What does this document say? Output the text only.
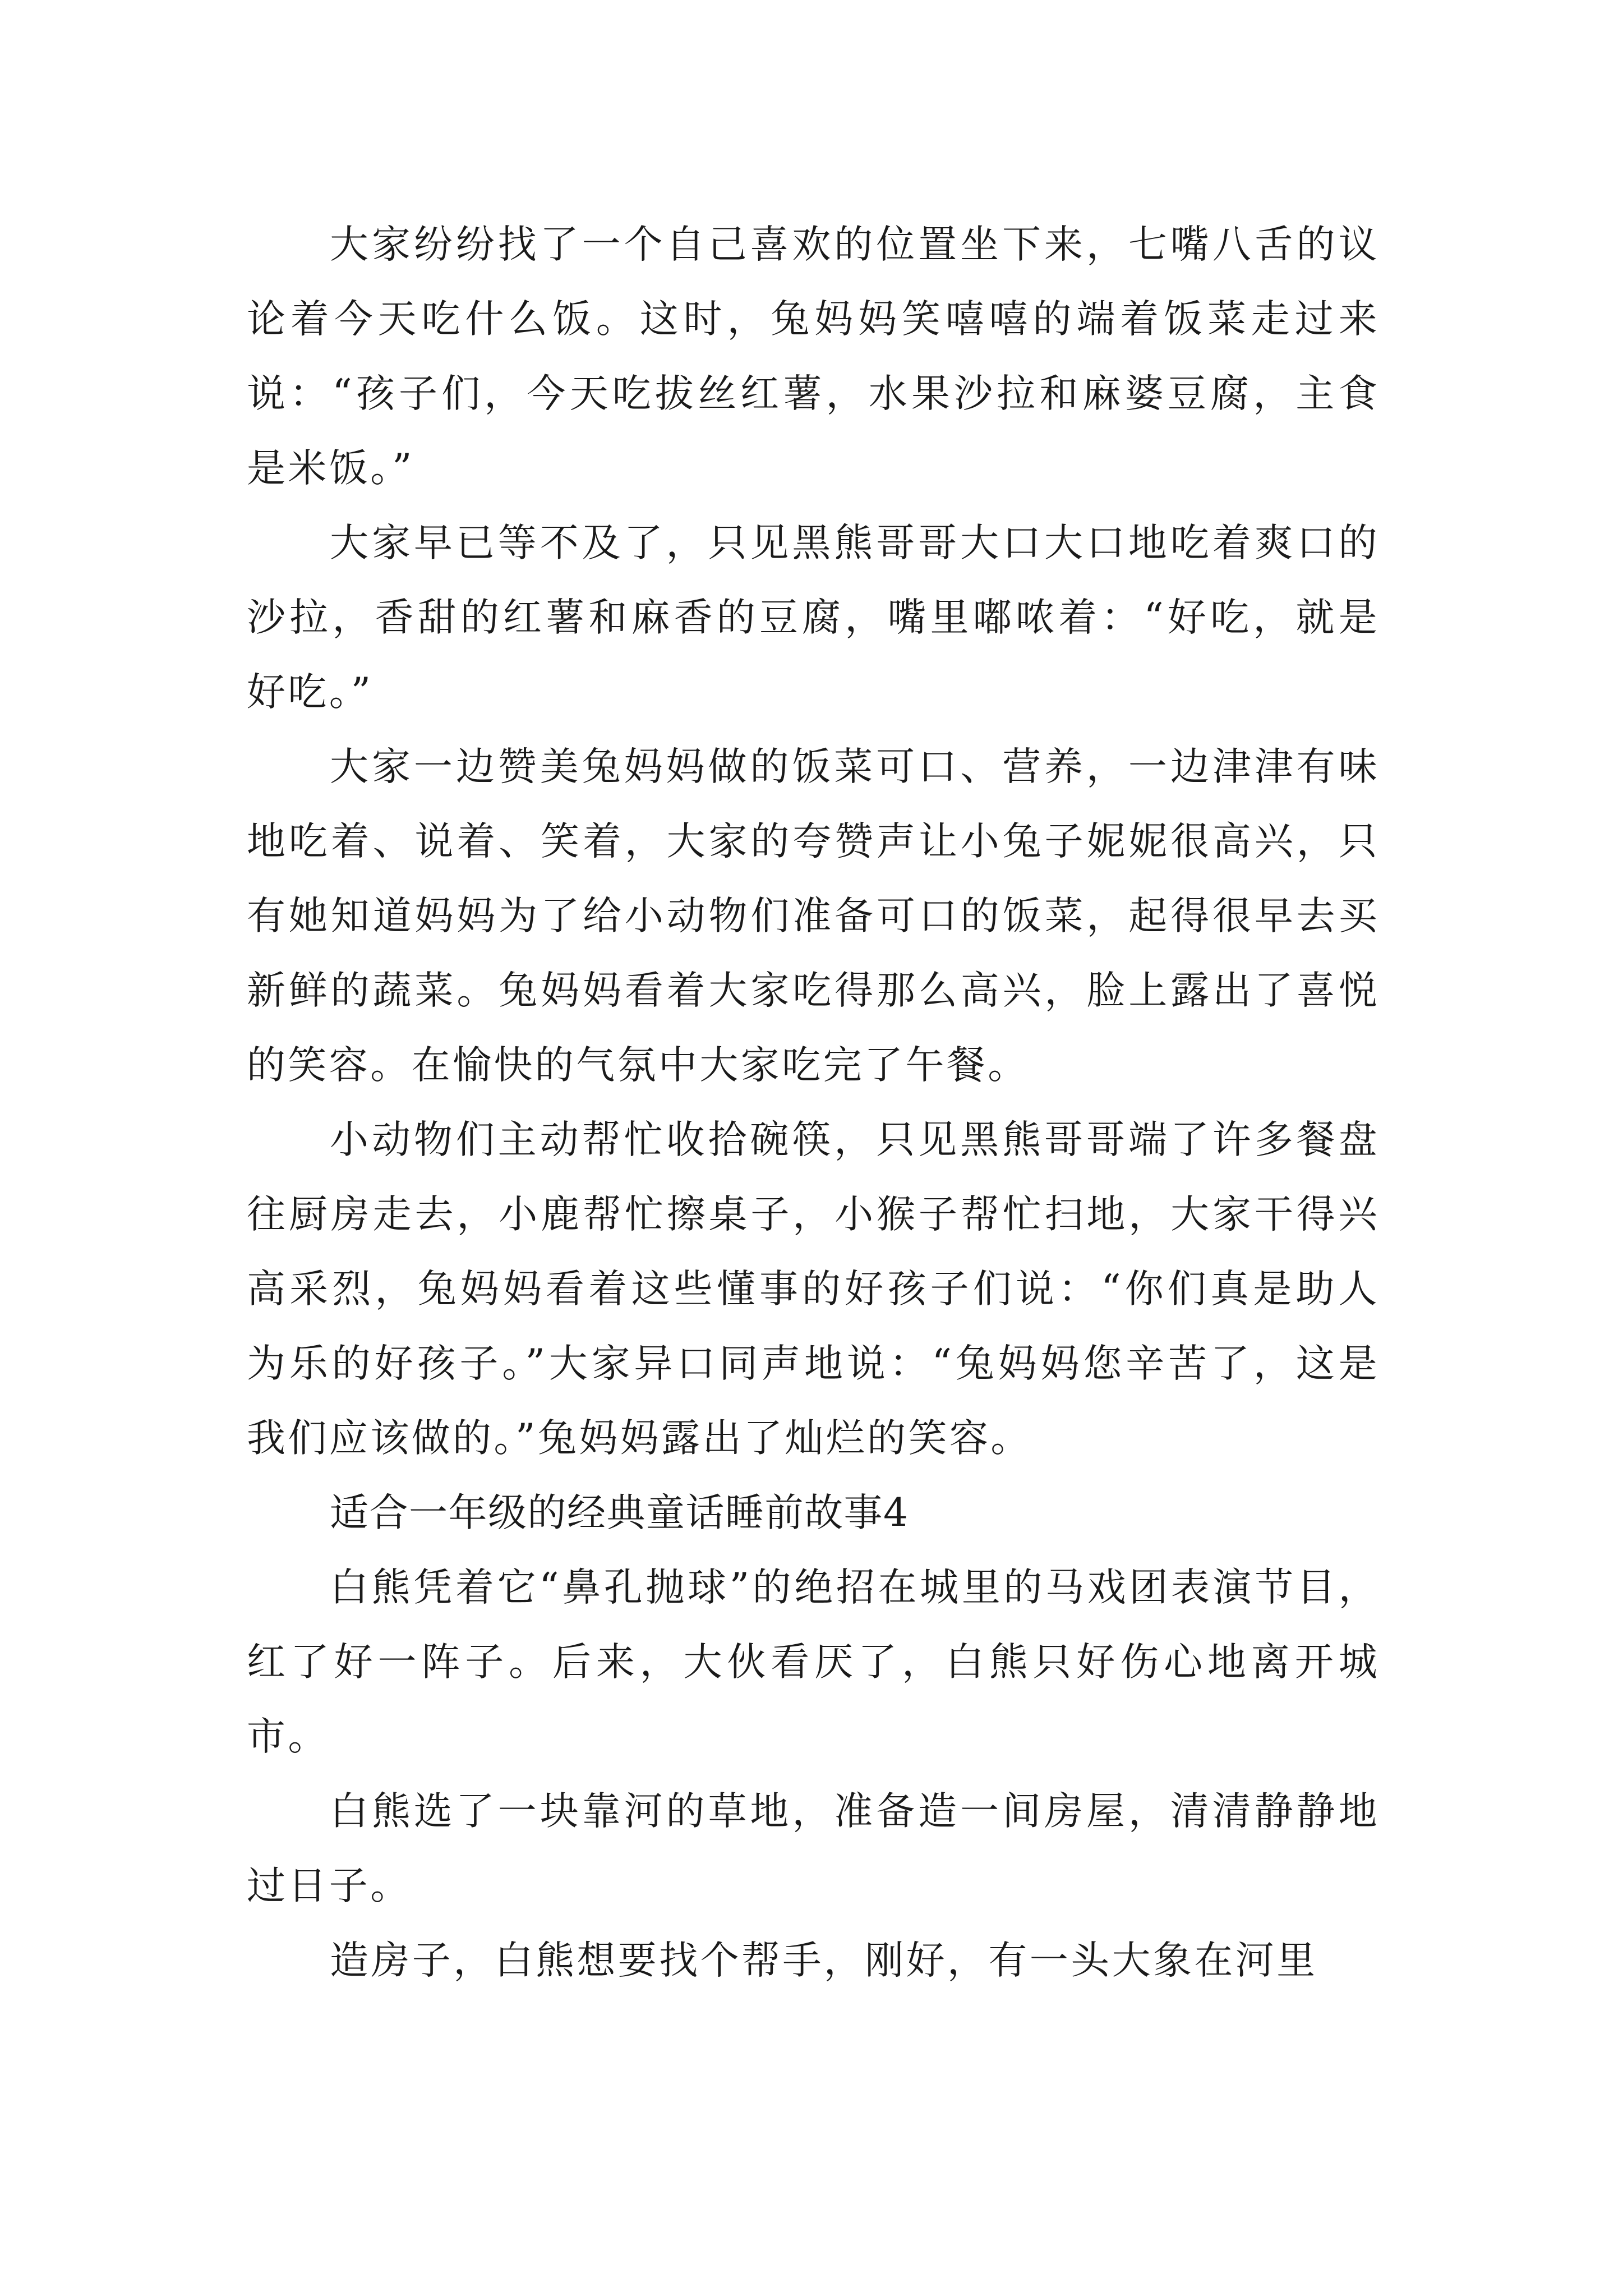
大家纷纷找了一个自己喜欢的位置坐下来，七嘴八舌的议论着今天吃什么饭。这时，兔妈妈笑嘻嘻的端着饭菜走过来说：“孩子们，今天吃拔丝红薯，水果沙拉和麻婆豆腐，主食是米饭。”

大家早已等不及了，只见黑熊哥哥大口大口地吃着爽口的沙拉，香甜的红薯和麻香的豆腐，嘴里嘟哝着：“好吃，就是好吃。”

大家一边赞美兔妈妈做的饭菜可口、营养，一边津津有味地吃着、说着、笑着，大家的夸赞声让小兔子妮妮很高兴，只有她知道妈妈为了给小动物们准备可口的饭菜，起得很早去买新鲜的蔬菜。兔妈妈看着大家吃得那么高兴，脸上露出了喜悦的笑容。在愉快的气氛中大家吃完了午餐。

小动物们主动帮忙收拾碗筷，只见黑熊哥哥端了许多餐盘往厨房走去，小鹿帮忙擦桌子，小猴子帮忙扫地，大家干得兴高采烈，兔妈妈看着这些懂事的好孩子们说：“你们真是助人为乐的好孩子。”大家异口同声地说：“兔妈妈您辛苦了，这是我们应该做的。”兔妈妈露出了灿烂的笑容。

适合一年级的经典童话睡前故事4

白熊凭着它“鼻孔抛球”的绝招在城里的马戏团表演节目，红了好一阵子。后来，大伙看厌了，白熊只好伤心地离开城市。

白熊选了一块靠河的草地，准备造一间房屋，清清静静地过日子。

造房子，白熊想要找个帮手，刚好，有一头大象在河里
